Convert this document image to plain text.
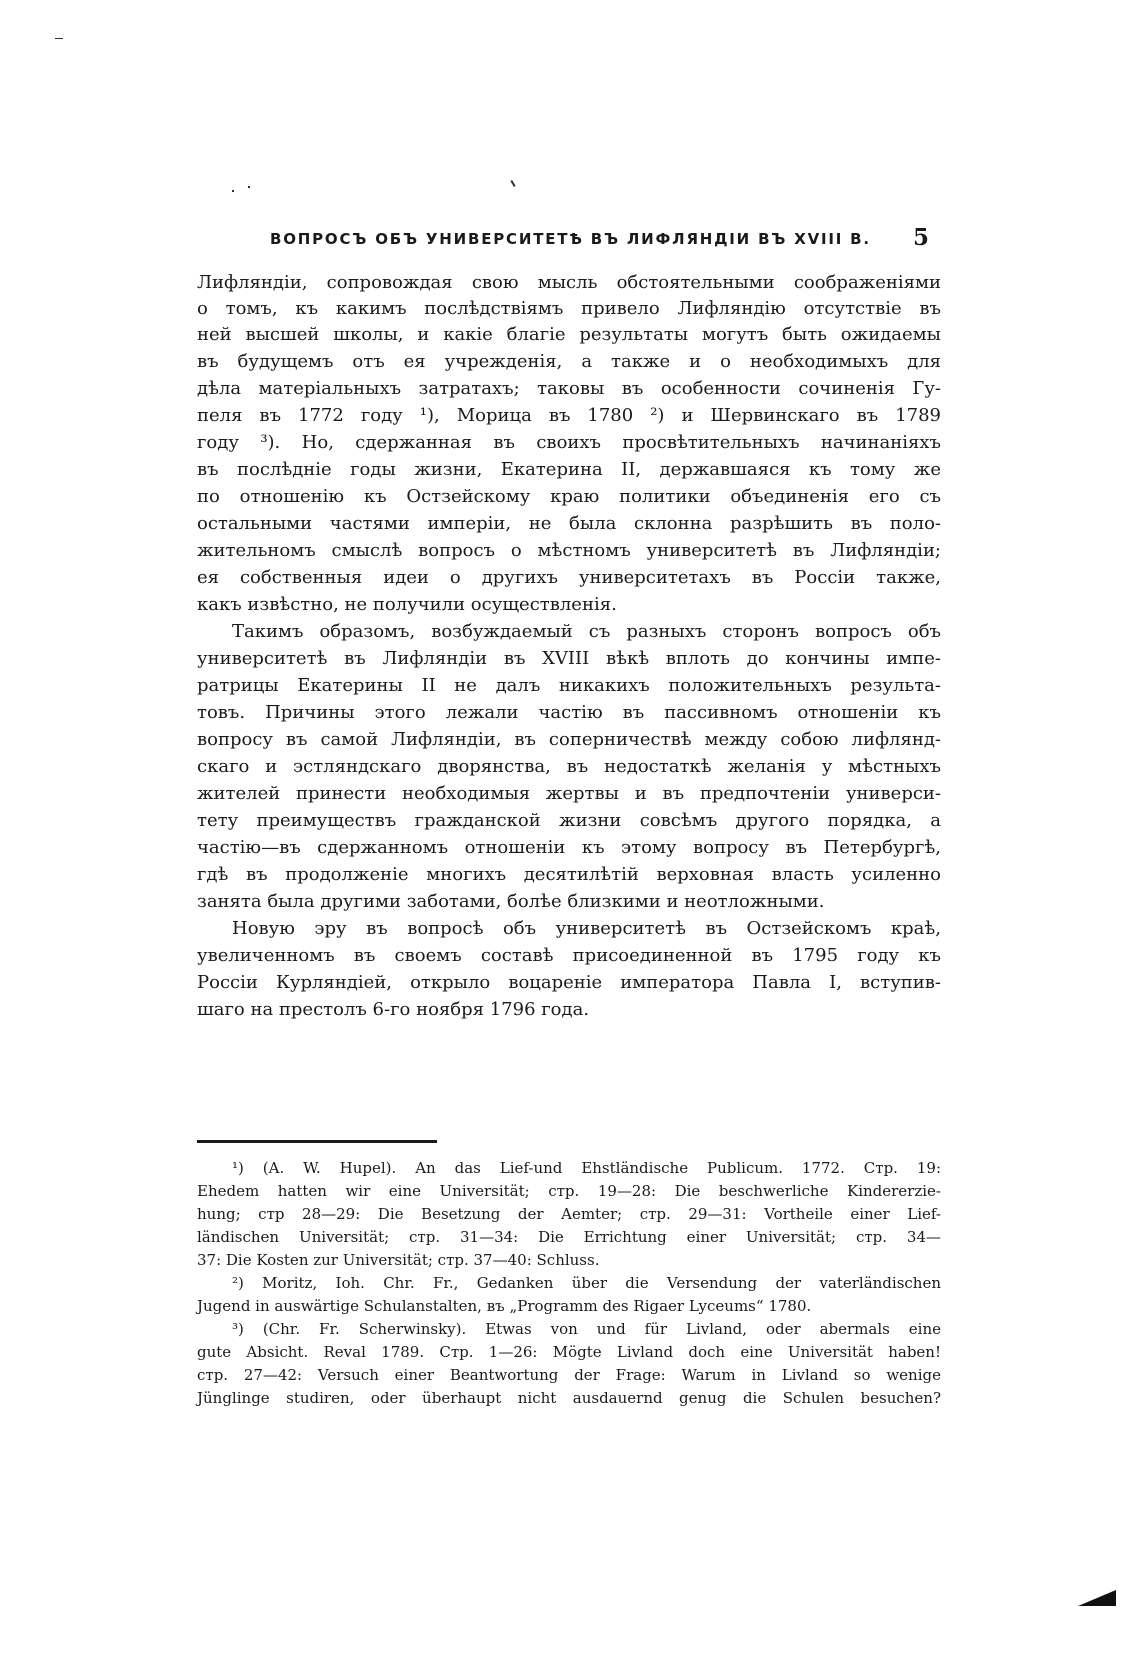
ВОПРОСЪ ОБЪ УНИВЕРСИТЕТѢ ВЪ ЛИФЛЯНДІИ ВЪ XVIII В.	5
Лифляндіи, сопровождая свою мысль обстоятельными соображеніями
о томъ, къ какимъ послѣдствіямъ привело Лифляндію отсутствіе въ
ней высшей школы, и какіе благіе результаты могутъ быть ожидаемы
въ будущемъ отъ ея учрежденія, а также и о необходимыхъ для
дѣла матеріальныхъ затратахъ; таковы въ особенности сочиненія Гу-
пеля въ 1772 году ¹), Морица въ 1780 ²) и Шервинскаго въ 1789
году ³). Но, сдержанная въ своихъ просвѣтительныхъ начинаніяхъ
въ послѣдніе годы жизни, Екатерина II, державшаяся къ тому же
по отношенію къ Остзейскому краю политики объединенія его съ
остальными частями имперіи, не была склонна разрѣшить въ поло-
жительномъ смыслѣ вопросъ о мѣстномъ университетѣ въ Лифляндіи;
ея собственныя идеи о другихъ университетахъ въ Россіи также,
какъ извѣстно, не получили осуществленія.
Такимъ образомъ, возбуждаемый съ разныхъ сторонъ вопросъ объ
университетѣ въ Лифляндіи въ XVIII вѣкѣ вплоть до кончины импе-
ратрицы Екатерины II не далъ никакихъ положительныхъ результа-
товъ. Причины этого лежали частію въ пассивномъ отношеніи къ
вопросу въ самой Лифляндіи, въ соперничествѣ между собою лифлянд-
скаго и эстляндскаго дворянства, въ недостаткѣ желанія у мѣстныхъ
жителей принести необходимыя жертвы и въ предпочтеніи универси-
тету преимуществъ гражданской жизни совсѣмъ другого порядка, а
частію—въ сдержанномъ отношеніи къ этому вопросу въ Петербургѣ,
гдѣ въ продолженіе многихъ десятилѣтій верховная власть усиленно
занята была другими заботами, болѣе близкими и неотложными.
Новую эру въ вопросѣ объ университетѣ въ Остзейскомъ краѣ,
увеличенномъ въ своемъ составѣ присоединенной въ 1795 году къ
Россіи Курляндіей, открыло воцареніе императора Павла I, вступив-
шаго на престолъ 6-го ноября 1796 года.
¹) (A. W. Hupel). An das Lief-und Ehstländische Publicum. 1772. Стр. 19:
Ehedem hatten wir eine Universität; стр. 19—28: Die beschwerliche Kindererzie-
hung; стр 28—29: Die Besetzung der Aemter; стр. 29—31: Vortheile einer Lief-
ländischen Universität; стр. 31—34: Die Errichtung einer Universität; стр. 34—
37: Die Kosten zur Universität; стр. 37—40: Schluss.
²) Moritz, Ioh. Chr. Fr., Gedanken über die Versendung der vaterländischen
Jugend in auswärtige Schulanstalten, въ „Programm des Rigaer Lyceums“ 1780.
³) (Chr. Fr. Scherwinsky). Etwas von und für Livland, oder abermals eine
gute Absicht. Reval 1789. Стр. 1—26: Mögte Livland doch eine Universität haben!
стр. 27—42: Versuch einer Beantwortung der Frage: Warum in Livland so wenige
Jünglinge studiren, oder überhaupt nicht ausdauernd genug die Schulen besuchen?
